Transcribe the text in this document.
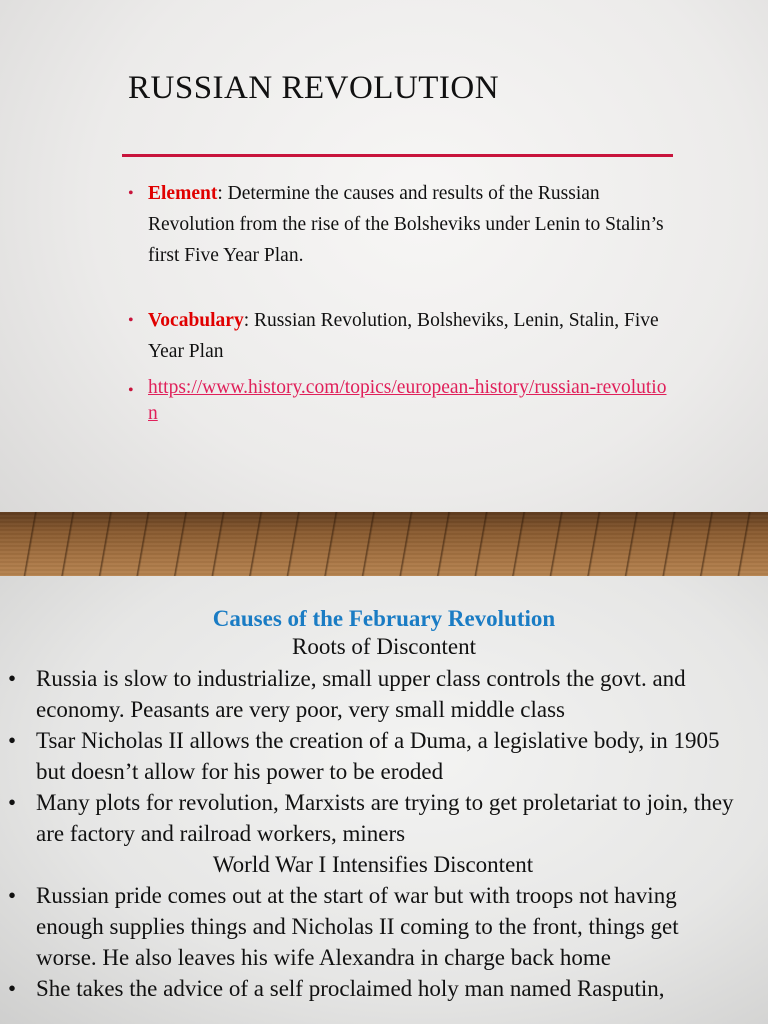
RUSSIAN REVOLUTION
• Element: Determine the causes and results of the Russian Revolution from the rise of the Bolsheviks under Lenin to Stalin’s first Five Year Plan.
• Vocabulary: Russian Revolution, Bolsheviks, Lenin, Stalin, Five Year Plan
• https://www.history.com/topics/european-history/russian-revolution
Causes of the February Revolution
Roots of Discontent
• Russia is slow to industrialize, small upper class controls the govt. and economy. Peasants are very poor, very small middle class
• Tsar Nicholas II allows the creation of a Duma, a legislative body, in 1905 but doesn’t allow for his power to be eroded
• Many plots for revolution, Marxists are trying to get proletariat to join, they are factory and railroad workers, miners
World War I Intensifies Discontent
• Russian pride comes out at the start of war but with troops not having enough supplies things and Nicholas II coming to the front, things get worse. He also leaves his wife Alexandra in charge back home
• She takes the advice of a self proclaimed holy man named Rasputin,
